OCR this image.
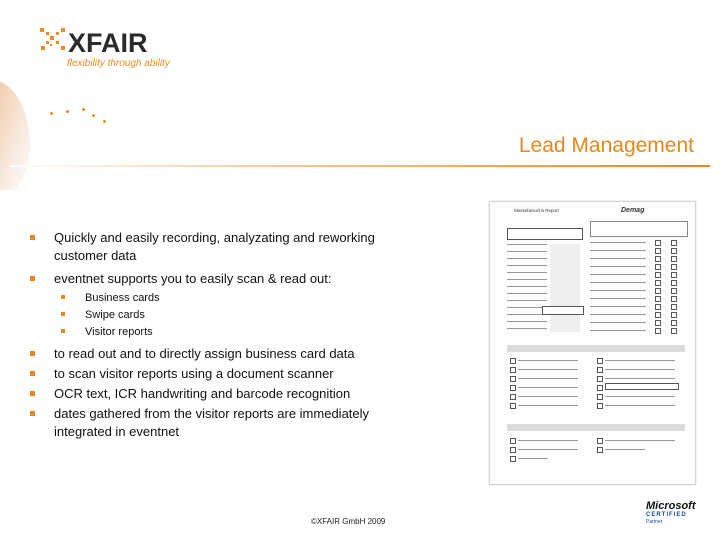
XFAIR
flexibility through ability
Lead Management
Quickly and easily recording, analyzating and reworking customer data
eventnet supports you to easily scan & read out:
Business cards
Swipe cards
Visitor reports
to read out and to directly assign business card data
to scan visitor reports using a document scanner
OCR text, ICR handwriting and barcode recognition
dates gathered from the visitor reports are immediately integrated in eventnet
Messebesuchs Report	Demag
©XFAIR GmbH 2009
Microsoft
CERTIFIED
Partner
